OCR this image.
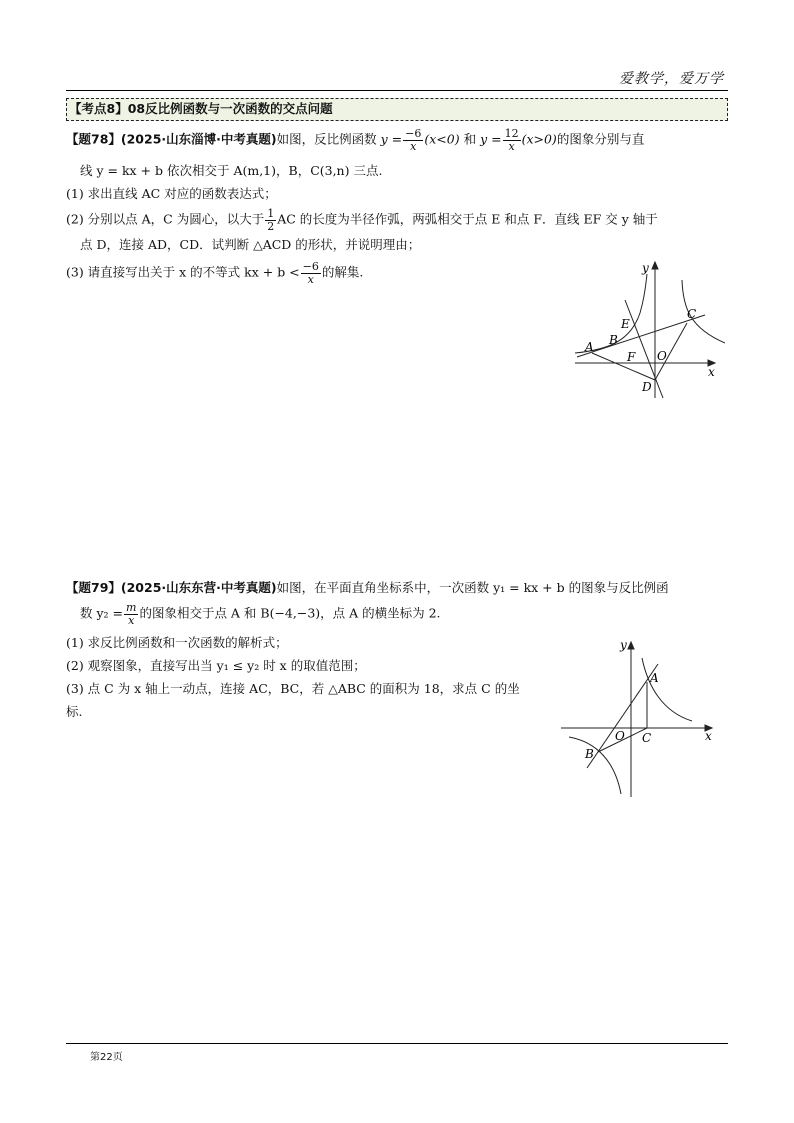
爱教学，爱万学
【考点8】08反比例函数与一次函数的交点问题
【题78】(2025·山东淄博·中考真题)如图，反比例函数 $y = \frac{-6}{x} (x<0)$ 和 $y = \frac{12}{x} (x>0)$的图象分别与直
线 y = kx + b 依次相交于 A(m,1)，B，C(3,n) 三点.
(1) 求出直线 AC 对应的函数表达式；
(2) 分别以点 A，C 为圆心，以大于 $\frac{1}{2}$ AC 的长度为半径作弧，两弧相交于点 E 和点 F．直线 EF 交 y 轴于
点 D，连接 AD，CD．试判断 △ACD 的形状，并说明理由；
(3) 请直接写出关于 x 的不等式 kx + $b < \frac{-6}{x}$ 的解集.	y
x
A B
C
D
E
F O
【题79】(2025·山东东营·中考真题)如图，在平面直角坐标系中，一次函数 y₁ = kx + b 的图象与反比例函
数 $y_2 = \frac{m}{x}$ 的图象相交于点 A 和 B(−4,−3)，点 A 的横坐标为 2.
(1) 求反比例函数和一次函数的解析式；
(2) 观察图象，直接写出当 y₁ ≤ y₂ 时 x 的取值范围；
(3) 点 C 为 x 轴上一动点，连接 AC，BC，若 △ABC 的面积为 18，求点 C 的坐
标.
y
x
A
B
C
O
第22页
